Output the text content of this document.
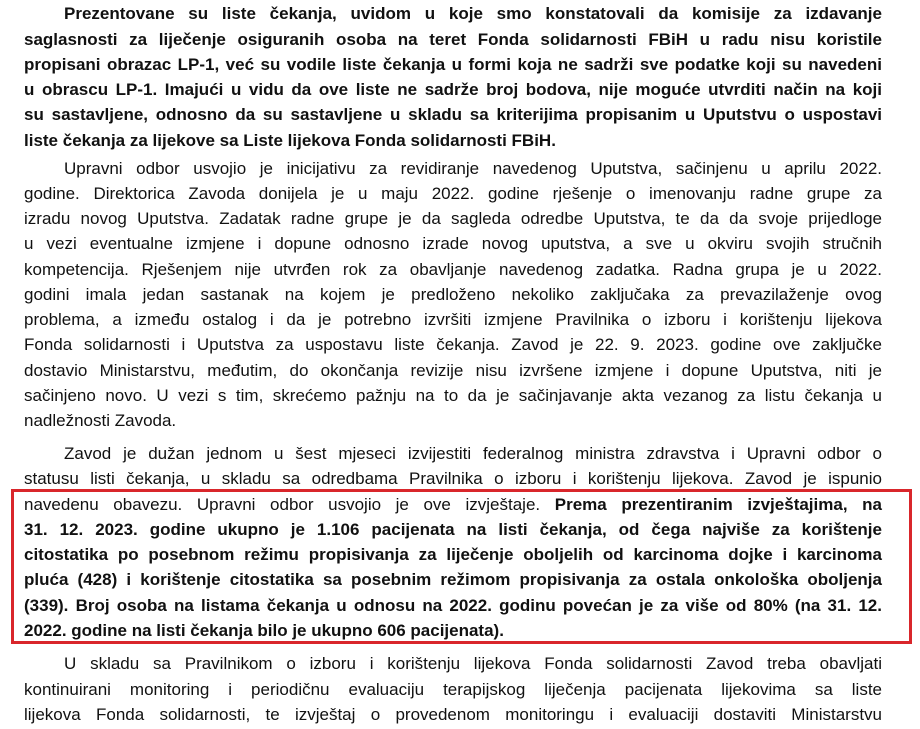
Prezentovane su liste čekanja, uvidom u koje smo konstatovali da komisije za izdavanje
saglasnosti za liječenje osiguranih osoba na teret Fonda solidarnosti FBiH u radu nisu koristile
propisani obrazac LP-1, već su vodile liste čekanja u formi koja ne sadrži sve podatke koji su navedeni
u obrascu LP-1. Imajući u vidu da ove liste ne sadrže broj bodova, nije moguće utvrditi način na koji
su sastavljene, odnosno da su sastavljene u skladu sa kriterijima propisanim u Uputstvu o uspostavi
liste čekanja za lijekove sa Liste lijekova Fonda solidarnosti FBiH.
Upravni odbor usvojio je inicijativu za revidiranje navedenog Uputstva, sačinjenu u aprilu 2022.
godine. Direktorica Zavoda donijela je u maju 2022. godine rješenje o imenovanju radne grupe za
izradu novog Uputstva. Zadatak radne grupe je da sagleda odredbe Uputstva, te da da svoje prijedloge
u vezi eventualne izmjene i dopune odnosno izrade novog uputstva, a sve u okviru svojih stručnih
kompetencija. Rješenjem nije utvrđen rok za obavljanje navedenog zadatka. Radna grupa je u 2022.
godini imala jedan sastanak na kojem je predloženo nekoliko zaključaka za prevazilaženje ovog
problema, a između ostalog i da je potrebno izvršiti izmjene Pravilnika o izboru i korištenju lijekova
Fonda solidarnosti i Uputstva za uspostavu liste čekanja. Zavod je 22. 9. 2023. godine ove zaključke
dostavio Ministarstvu, međutim, do okončanja revizije nisu izvršene izmjene i dopune Uputstva, niti je
sačinjeno novo. U vezi s tim, skrećemo pažnju na to da je sačinjavanje akta vezanog za listu čekanja u
nadležnosti Zavoda.
Zavod je dužan jednom u šest mjeseci izvijestiti federalnog ministra zdravstva i Upravni odbor o
statusu listi čekanja, u skladu sa odredbama Pravilnika o izboru i korištenju lijekova. Zavod je ispunio
navedenu obavezu. Upravni odbor usvojio je ove izvještaje. Prema prezentiranim izvještajima, na
31. 12. 2023. godine ukupno je 1.106 pacijenata na listi čekanja, od čega najviše za korištenje
citostatika po posebnom režimu propisivanja za liječenje oboljelih od karcinoma dojke i karcinoma
pluća (428) i korištenje citostatika sa posebnim režimom propisivanja za ostala onkološka oboljenja
(339). Broj osoba na listama čekanja u odnosu na 2022. godinu povećan je za više od 80% (na 31. 12.
2022. godine na listi čekanja bilo je ukupno 606 pacijenata).
U skladu sa Pravilnikom o izboru i korištenju lijekova Fonda solidarnosti Zavod treba obavljati
kontinuirani monitoring i periodičnu evaluaciju terapijskog liječenja pacijenata lijekovima sa liste
lijekova Fonda solidarnosti, te izvještaj o provedenom monitoringu i evaluaciji dostaviti Ministarstvu
